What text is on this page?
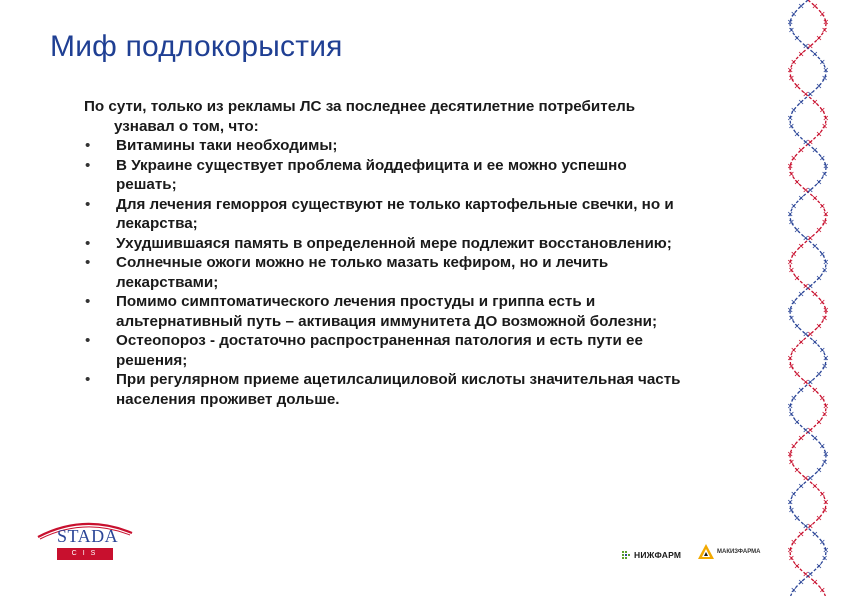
Миф подлокорыстия

По сути, только из рекламы ЛС за последнее десятилетние потребитель
узнавал о том, что:

• Витамины таки необходимы;
• В Украине существует проблема йоддефицита и ее можно успешно
решать;
• Для лечения геморроя существуют не только картофельные свечки, но и
лекарства;
• Ухудшившаяся память в определенной мере подлежит восстановлению;
• Солнечные ожоги можно не только мазать кефиром, но и лечить
лекарствами;
• Помимо симптоматического лечения простуды и гриппа есть и
альтернативный путь – активация иммунитета ДО возможной болезни;
• Остеопороз - достаточно распространенная патология и есть пути ее
решения;
• При регулярном приеме ацетилсалициловой кислоты значительная часть
населения проживет дольше.
STADA
CIS	НИЖФАРМ	МАКИЗФАРМА
